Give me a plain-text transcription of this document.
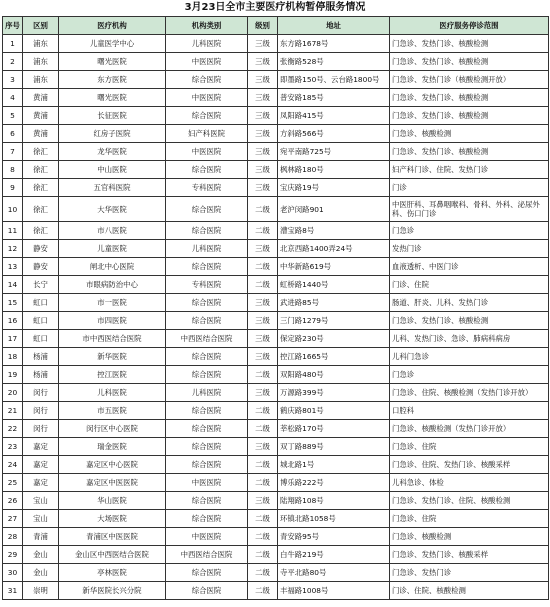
3月23日全市主要医疗机构暂停服务情况
序号	区别	医疗机构	机构类别	级别	地址	医疗服务停诊范围
1	浦东	儿童医学中心	儿科医院	三级	东方路1678号	门急诊、发热门诊、核酸检测
2	浦东	曙光医院	中医医院	三级	张衡路528号	门急诊、发热门诊、核酸检测
3	浦东	东方医院	综合医院	三级	即墨路150号、云台路1800号	门急诊、发热门诊（核酸检测开放）
4	黄浦	曙光医院	中医医院	三级	普安路185号	门急诊、发热门诊、核酸检测
5	黄浦	长征医院	综合医院	三级	凤阳路415号	门急诊、发热门诊、核酸检测
6	黄浦	红房子医院	妇产科医院	三级	方斜路566号	门急诊、核酸检测
7	徐汇	龙华医院	中医医院	三级	宛平南路725号	门急诊、发热门诊、核酸检测
8	徐汇	中山医院	综合医院	三级	枫林路180号	妇产科门诊、住院、发热门诊
9	徐汇	五官科医院	专科医院	三级	宝庆路19号	门诊
10	徐汇	大华医院	综合医院	二级	老沪闵路901	中医肝科、耳鼻咽喉科、骨科、外科、泌尿外科、伤口门诊
11	徐汇	市八医院	综合医院	二级	漕宝路8号	门急诊
12	静安	儿童医院	儿科医院	三级	北京西路1400弄24号	发热门诊
13	静安	闸北中心医院	综合医院	二级	中华新路619号	血液透析、中医门诊
14	长宁	市眼病防治中心	专科医院	二级	虹桥路1440号	门诊、住院
15	虹口	市一医院	综合医院	三级	武进路85号	肠道、肝炎、儿科、发热门诊
16	虹口	市四医院	综合医院	三级	三门路1279号	门急诊、发热门诊、核酸检测
17	虹口	市中西医结合医院	中西医结合医院	三级	保定路230号	儿科、发热门诊、急诊、肺病科病房
18	杨浦	新华医院	综合医院	三级	控江路1665号	儿科门急诊
19	杨浦	控江医院	综合医院	二级	双阳路480号	门急诊
20	闵行	儿科医院	儿科医院	三级	万源路399号	门急诊、住院、核酸检测（发热门诊开放）
21	闵行	市五医院	综合医院	二级	鹤庆路801号	口腔科
22	闵行	闵行区中心医院	综合医院	二级	莘松路170号	门急诊、核酸检测（发热门诊开放）
23	嘉定	瑞金医院	综合医院	三级	双丁路889号	门急诊、住院
24	嘉定	嘉定区中心医院	综合医院	二级	城北路1号	门急诊、住院、发热门诊、核酸采样
25	嘉定	嘉定区中医医院	中医医院	二级	博乐路222号	儿科急诊、体检
26	宝山	华山医院	综合医院	三级	陆翔路108号	门急诊、发热门诊、住院、核酸检测
27	宝山	大场医院	综合医院	二级	环镇北路1058号	门急诊、住院
28	青浦	青浦区中医医院	中医医院	二级	青安路95号	门急诊、核酸检测
29	金山	金山区中西医结合医院	中西医结合医院	二级	白牛路219号	门急诊、发热门诊、核酸采样
30	金山	亭林医院	综合医院	二级	寺平北路80号	门急诊、发热门诊
31	崇明	新华医院长兴分院	综合医院	二级	丰福路1008号	门诊、住院、核酸检测
